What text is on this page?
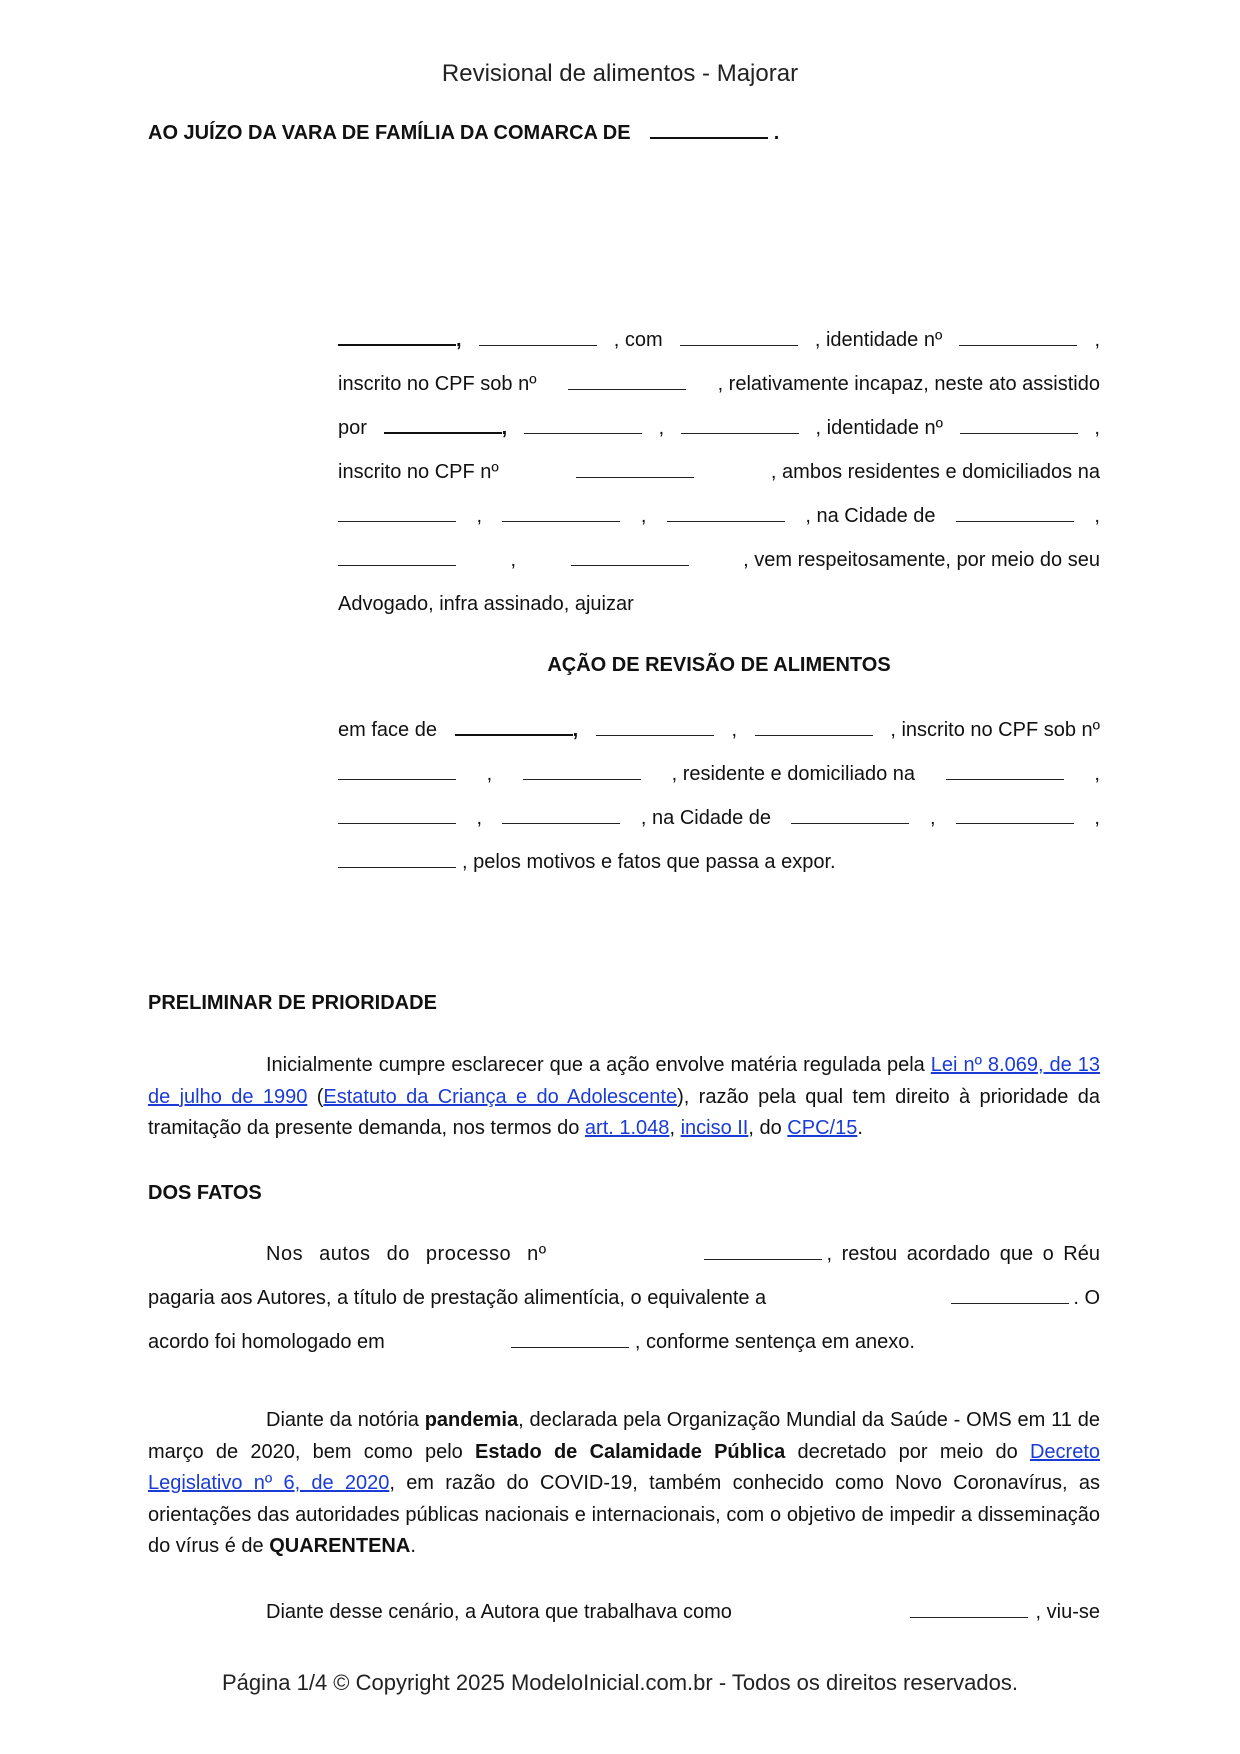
Revisional de alimentos - Majorar
AO JUÍZO DA VARA DE FAMÍLIA DA COMARCA DE	.
,	, com	, identidade nº	,
inscrito no CPF sob nº	, relativamente incapaz, neste ato assistido
por	,	,	, identidade nº	,
inscrito no CPF nº	, ambos residentes e domiciliados na
,	,	, na Cidade de	,
,	, vem respeitosamente, por meio do seu
Advogado, infra assinado, ajuizar
AÇÃO DE REVISÃO DE ALIMENTOS
em face de	,	,	, inscrito no CPF sob nº
,	, residente e domiciliado na	,
,	, na Cidade de	,	,
, pelos motivos e fatos que passa a expor.
PRELIMINAR DE PRIORIDADE
Inicialmente cumpre esclarecer que a ação envolve matéria regulada pela Lei nº 8.069, de 13 de julho de 1990 (Estatuto da Criança e do Adolescente), razão pela qual tem direito à prioridade da tramitação da presente demanda, nos termos do art. 1.048, inciso II, do CPC/15.
DOS FATOS
Nos autos do processo nº	, restou acordado que o Réu
pagaria aos Autores, a título de prestação alimentícia, o equivalente a	. O
acordo foi homologado em	, conforme sentença em anexo.
Diante da notória pandemia, declarada pela Organização Mundial da Saúde - OMS em 11 de março de 2020, bem como pelo Estado de Calamidade Pública decretado por meio do Decreto Legislativo nº 6, de 2020, em razão do COVID-19, também conhecido como Novo Coronavírus, as orientações das autoridades públicas nacionais e internacionais, com o objetivo de impedir a disseminação do vírus é de QUARENTENA.
Diante desse cenário, a Autora que trabalhava como	, viu-se
Página 1/4 © Copyright 2025 ModeloInicial.com.br - Todos os direitos reservados.
